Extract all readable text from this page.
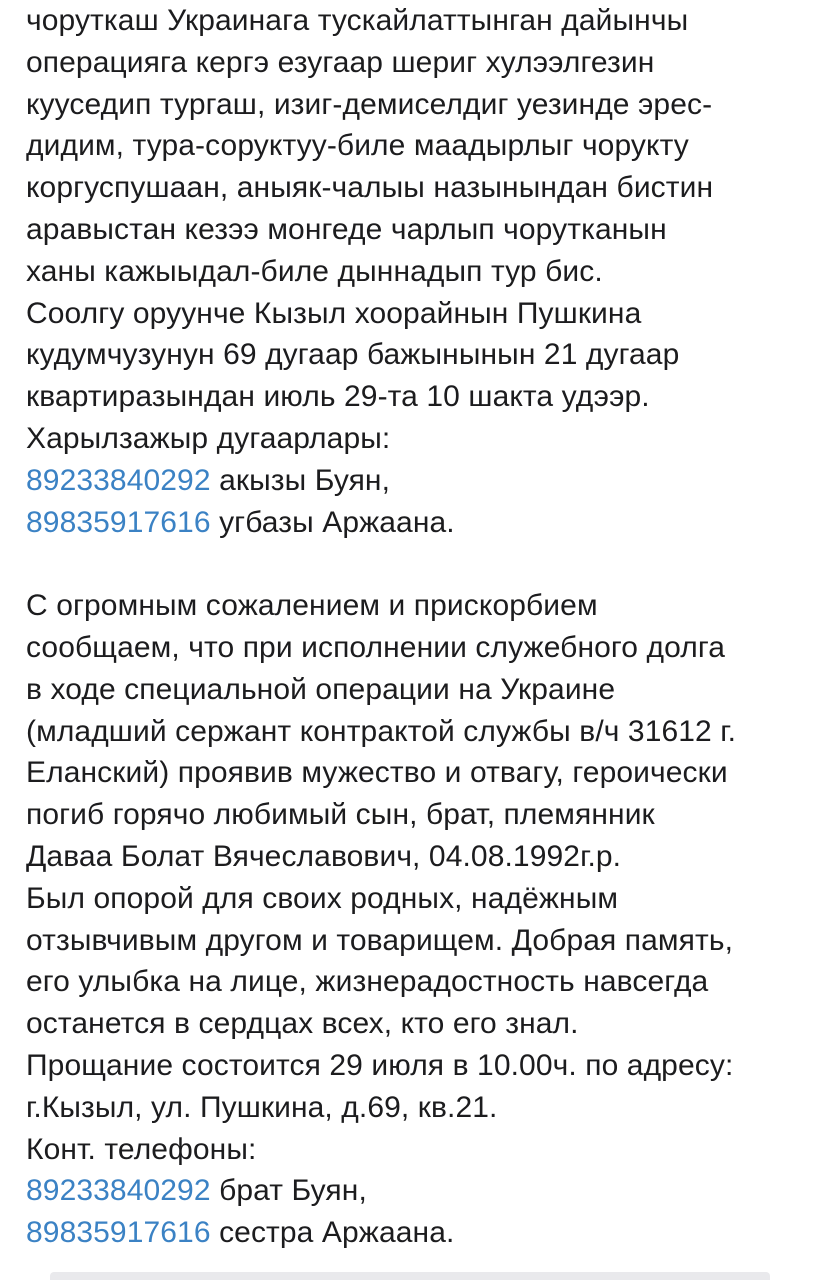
чоруткаш Украинага тускайлаттынган дайынчы
операцияга кергэ езугаар шериг хулээлгезин
кууседип тургаш, изиг-демиселдиг уезинде эрес-
дидим, тура-соруктуу-биле маадырлыг чорукту
коргуспушаан, аныяк-чалыы назынындан бистин
аравыстан кезээ монгеде чарлып чорутканын
ханы кажыыдал-биле дыннадып тур бис.
Соолгу оруунче Кызыл хоорайнын Пушкина
кудумчузунун 69 дугаар бажынынын 21 дугаар
квартиразындан июль 29-та 10 шакта удээр.
Харылзажыр дугаарлары:
89233840292 акызы Буян,
89835917616 угбазы Аржаана.
С огромным сожалением и прискорбием
сообщаем, что при исполнении служебного долга
в ходе специальной операции на Украине
(младший сержант контрактой службы в/ч 31612 г.
Еланский) проявив мужество и отвагу, героически
погиб горячо любимый сын, брат, племянник
Даваа Болат Вячеславович, 04.08.1992г.р.
Был опорой для своих родных, надёжным
отзывчивым другом и товарищем. Добрая память,
его улыбка на лице, жизнерадостность навсегда
останется в сердцах всех, кто его знал.
Прощание состоится 29 июля в 10.00ч. по адресу:
г.Кызыл, ул. Пушкина, д.69, кв.21.
Конт. телефоны:
89233840292 брат Буян,
89835917616 сестра Аржаана.
